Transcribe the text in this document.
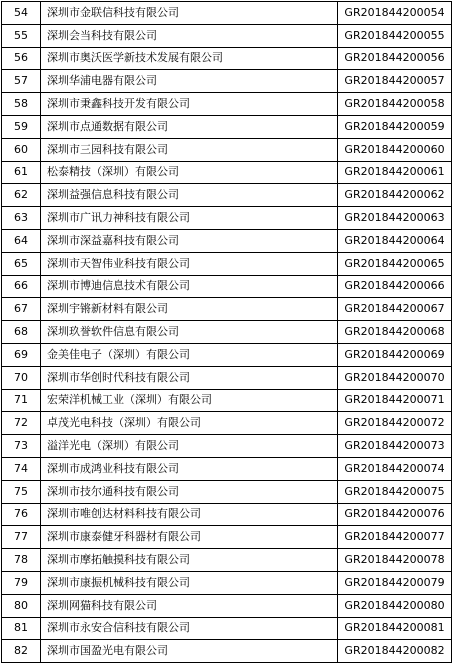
54	深圳市金联信科技有限公司	GR201844200054
55	深圳会当科技有限公司	GR201844200055
56	深圳市奥沃医学新技术发展有限公司	GR201844200056
57	深圳华浦电器有限公司	GR201844200057
58	深圳市秉鑫科技开发有限公司	GR201844200058
59	深圳市点通数据有限公司	GR201844200059
60	深圳市三园科技有限公司	GR201844200060
61	松泰精技（深圳）有限公司	GR201844200061
62	深圳益强信息科技有限公司	GR201844200062
63	深圳市广讯力神科技有限公司	GR201844200063
64	深圳市深益嘉科技有限公司	GR201844200064
65	深圳市天智伟业科技有限公司	GR201844200065
66	深圳市博迪信息技术有限公司	GR201844200066
67	深圳宇锵新材料有限公司	GR201844200067
68	深圳玖誉软件信息有限公司	GR201844200068
69	金美佳电子（深圳）有限公司	GR201844200069
70	深圳市华创时代科技有限公司	GR201844200070
71	宏荣洋机械工业（深圳）有限公司	GR201844200071
72	卓茂光电科技（深圳）有限公司	GR201844200072
73	溢洋光电（深圳）有限公司	GR201844200073
74	深圳市成鸿业科技有限公司	GR201844200074
75	深圳市技尔通科技有限公司	GR201844200075
76	深圳市唯创达材料科技有限公司	GR201844200076
77	深圳市康泰健牙科器材有限公司	GR201844200077
78	深圳市摩拓触摸科技有限公司	GR201844200078
79	深圳市康振机械科技有限公司	GR201844200079
80	深圳网猫科技有限公司	GR201844200080
81	深圳市永安合信科技有限公司	GR201844200081
82	深圳市国盈光电有限公司	GR201844200082
